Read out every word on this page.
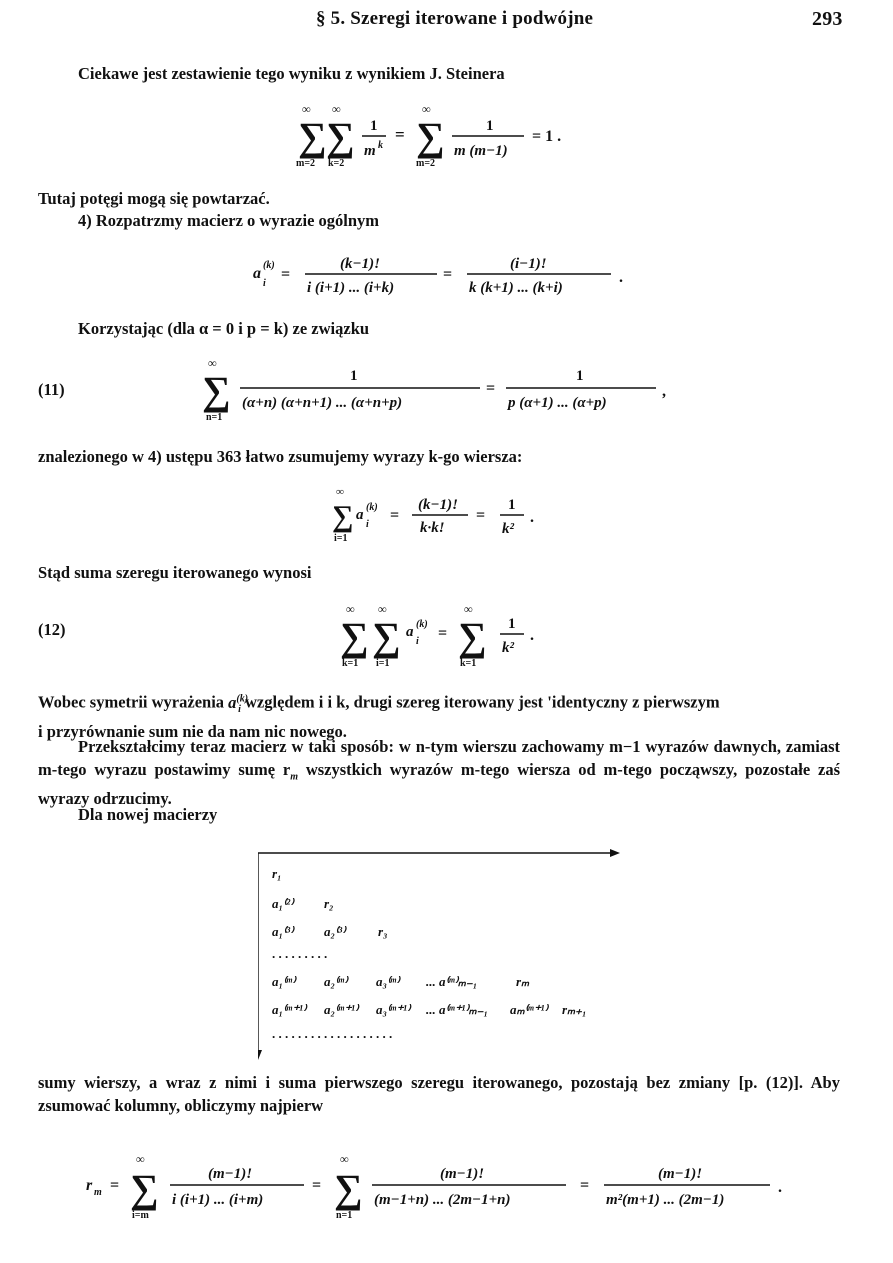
§ 5. Szeregi iterowane i podwójne	293
Ciekawe jest zestawienie tego wyniku z wynikiem J. Steinera
∑ ∑
∞ ∞
m=2 k=2
1
m k
= ∑
∞
m=2
1
m (m−1)
= 1 .
Tutaj potęgi mogą się powtarzać.
4) Rozpatrzmy macierz o wyrazie ogólnym
a (k)
i
=
(k−1)!
i (i+1) ... (i+k)
=
(i−1)!
k (k+1) ... (k+i)
.
Korzystając (dla α = 0 i p = k) ze związku
(11)	∑
∞
n=1
1
(α+n) (α+n+1) ... (α+n+p)
=
1
p (α+1) ... (α+p)
,
znalezionego w 4) ustępu 363 łatwo zsumujemy wyrazy k-go wiersza:
∑
∞
i=1
a (k)
i
=
(k−1)!
k·k!
=
1
k²
.
Stąd suma szeregu iterowanego wynosi
(12)	∑ ∑
∞ ∞
k=1 i=1
a (k)
i = ∑
∞
k=1
1
k²
.
Wobec symetrii wyrażenia $a^{(k)}_i$ względem i i k, drugi szereg iterowany jest 'identyczny z pierwszym
i przyrównanie sum nie da nam nic nowego.
Przekształcimy teraz macierz w taki sposób: w n-tym wierszu zachowamy m−1 wyrazów dawnych, zamiast m-tego wyrazu postawimy sumę $r_m$ wszystkich wyrazów m-tego wiersza od m-tego począwszy, pozostałe zaś wyrazy odrzucimy.
Dla nowej macierzy
r₁
a₁⁽²⁾ r₂
a₁⁽³⁾ a₂⁽³⁾	r₃
. . . . . . . . .
a₁⁽ᵐ⁾ a₂⁽ᵐ⁾ a₃⁽ᵐ⁾ ... a⁽ᵐ⁾ₘ₋₁	rₘ
a₁⁽ᵐ⁺¹⁾ a₂⁽ᵐ⁺¹⁾ a₃⁽ᵐ⁺¹⁾ ... a⁽ᵐ⁺¹⁾ₘ₋₁ aₘ⁽ᵐ⁺¹⁾ rₘ₊₁
. . . . . . . . . . . . . . . . . . .
sumy wierszy, a wraz z nimi i suma pierwszego szeregu iterowanego, pozostają bez zmiany [p. (12)]. Aby zsumować kolumny, obliczymy najpierw
r m = ∑
∞
i=m
(m−1)!
i (i+1) ... (i+m)
= ∑
∞
n=1
(m−1)!
(m−1+n) ... (2m−1+n)
=
(m−1)!
m²(m+1) ... (2m−1)
.
